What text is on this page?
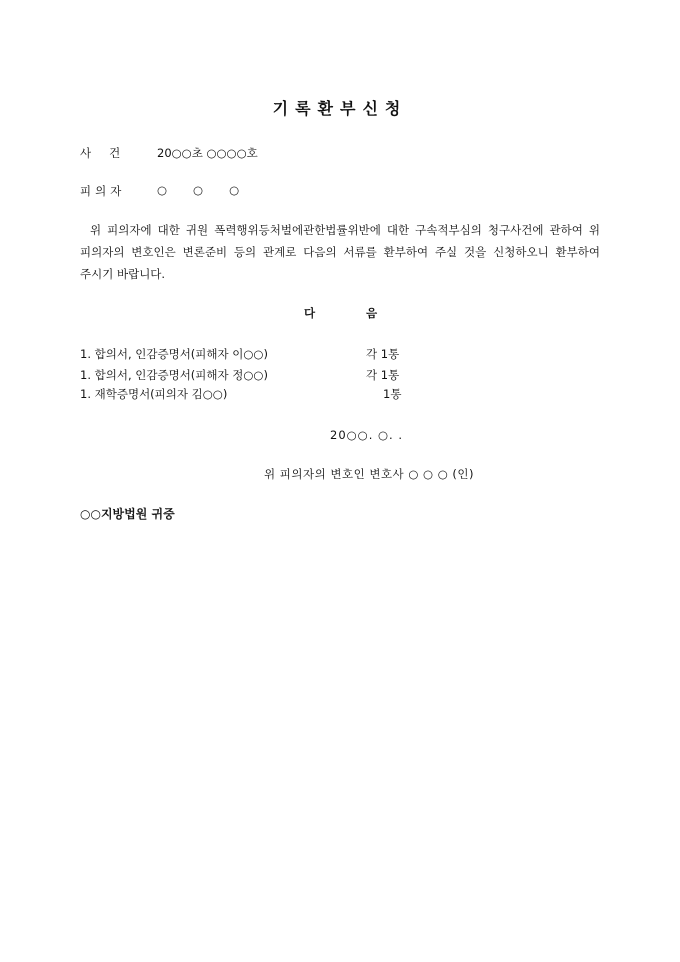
기록환부신청
사건 20○○초 ○○○○호
피의자	○○○
위 피의자에 대한 귀원 폭력행위등처벌에관한법률위반에 대한 구속적부심의 청구사건에 관하여 위 피의자의 변호인은 변론준비 등의 관계로 다음의 서류를 환부하여 주실 것을 신청하오니 환부하여 주시기 바랍니다.
다	음
1. 합의서, 인감증명서(피해자 이○○)	각 1통
1. 합의서, 인감증명서(피해자 정○○)	각 1통
1. 재학증명서(피의자 김○○)	1통
20○○. ○. .
위 피의자의 변호인 변호사 ○ ○ ○ (인)
○○지방법원 귀중
